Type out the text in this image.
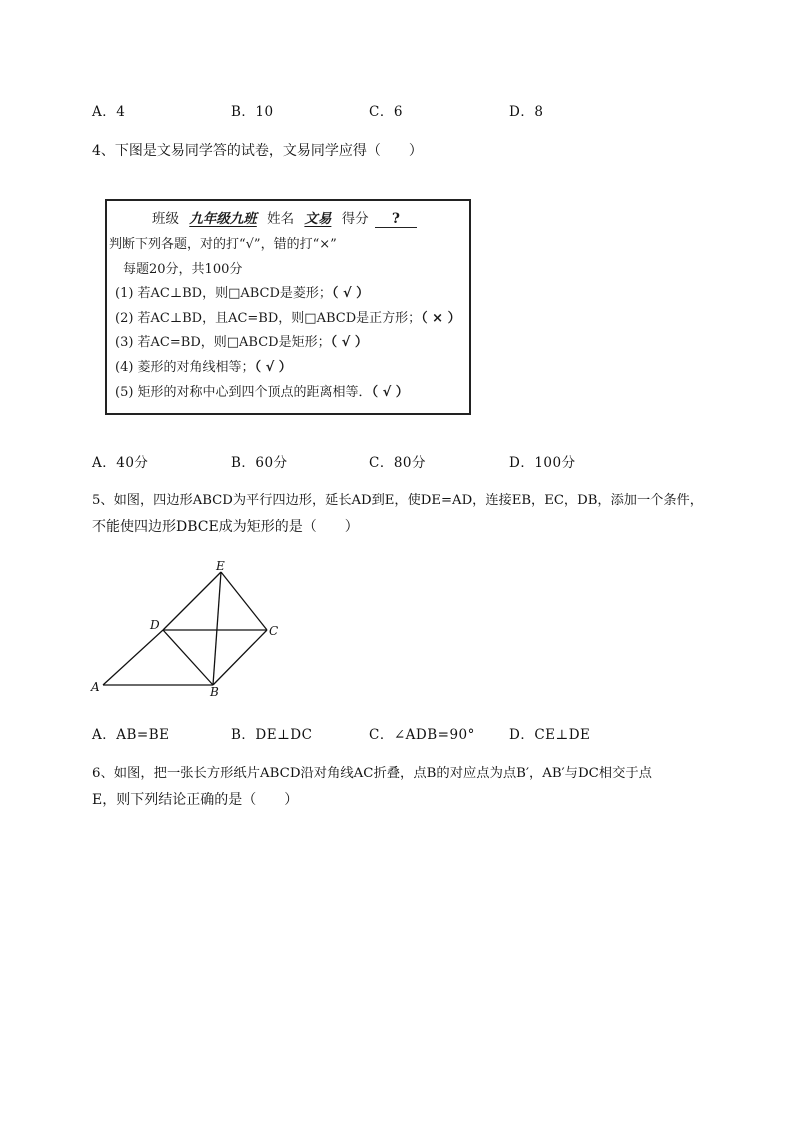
A．4	B．10	C．6	D．8
4、下图是文易同学答的试卷，文易同学应得（　　）
班级 九年级九班 姓名 文易 得分 ?
判断下列各题，对的打“√”，错的打“×”
每题20分，共100分
(1) 若AC⊥BD，则□ABCD是菱形；（ √ ）
(2) 若AC⊥BD，且AC=BD，则□ABCD是正方形；（ × ）
(3) 若AC=BD，则□ABCD是矩形；（ √ ）
(4) 菱形的对角线相等；（ √ ）
(5) 矩形的对称中心到四个顶点的距离相等．（ √ ）
A．40分	B．60分	C．80分	D．100分
5、如图，四边形ABCD为平行四边形，延长AD到E，使DE=AD，连接EB，EC，DB，添加一个条件，
不能使四边形DBCE成为矩形的是（　　）
A	B
C
D
E
A．AB=BE	B．DE⊥DC	C．∠ADB=90°	D．CE⊥DE
6、如图，把一张长方形纸片ABCD沿对角线AC折叠，点B的对应点为点B′，AB′与DC相交于点
E，则下列结论正确的是（　　）
